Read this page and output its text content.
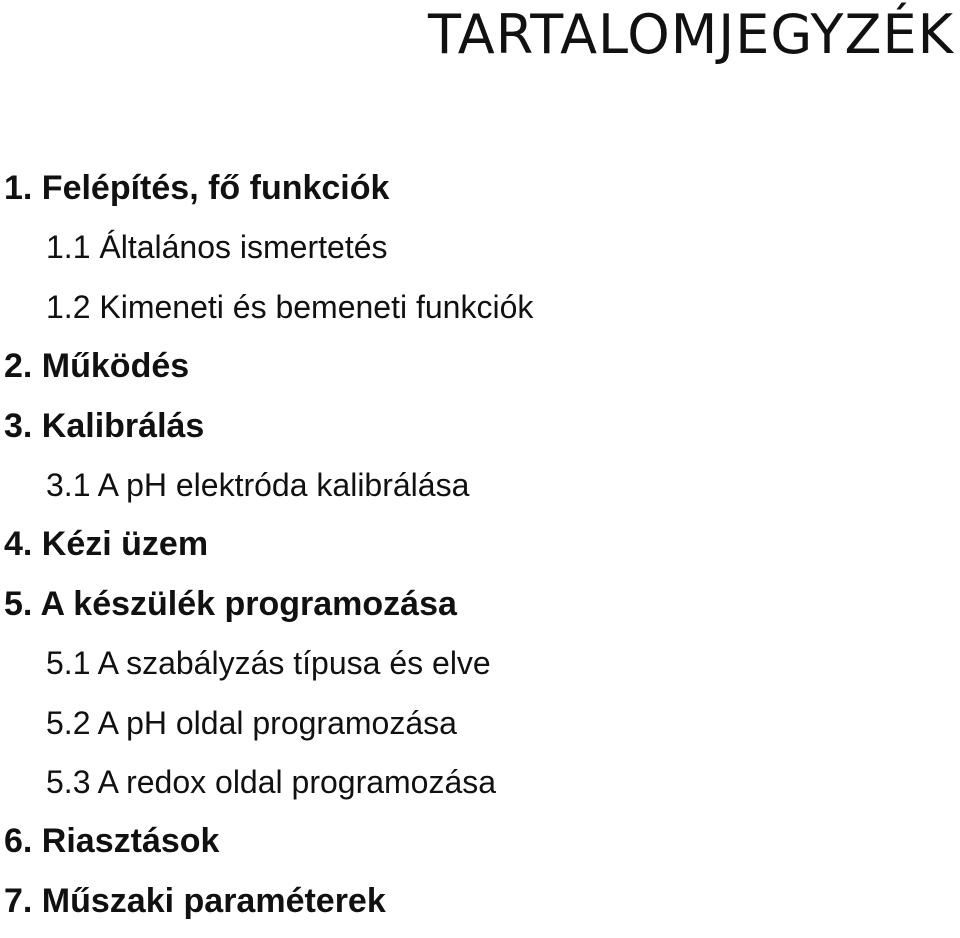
TARTALOMJEGYZÉK
1. Felépítés, fő funkciók
1.1 Általános ismertetés
1.2 Kimeneti és bemeneti funkciók
2. Működés
3. Kalibrálás
3.1 A pH elektróda kalibrálása
4. Kézi üzem
5. A készülék programozása
5.1 A szabályzás típusa és elve
5.2 A pH oldal programozása
5.3 A redox oldal programozása
6. Riasztások
7. Műszaki paraméterek
